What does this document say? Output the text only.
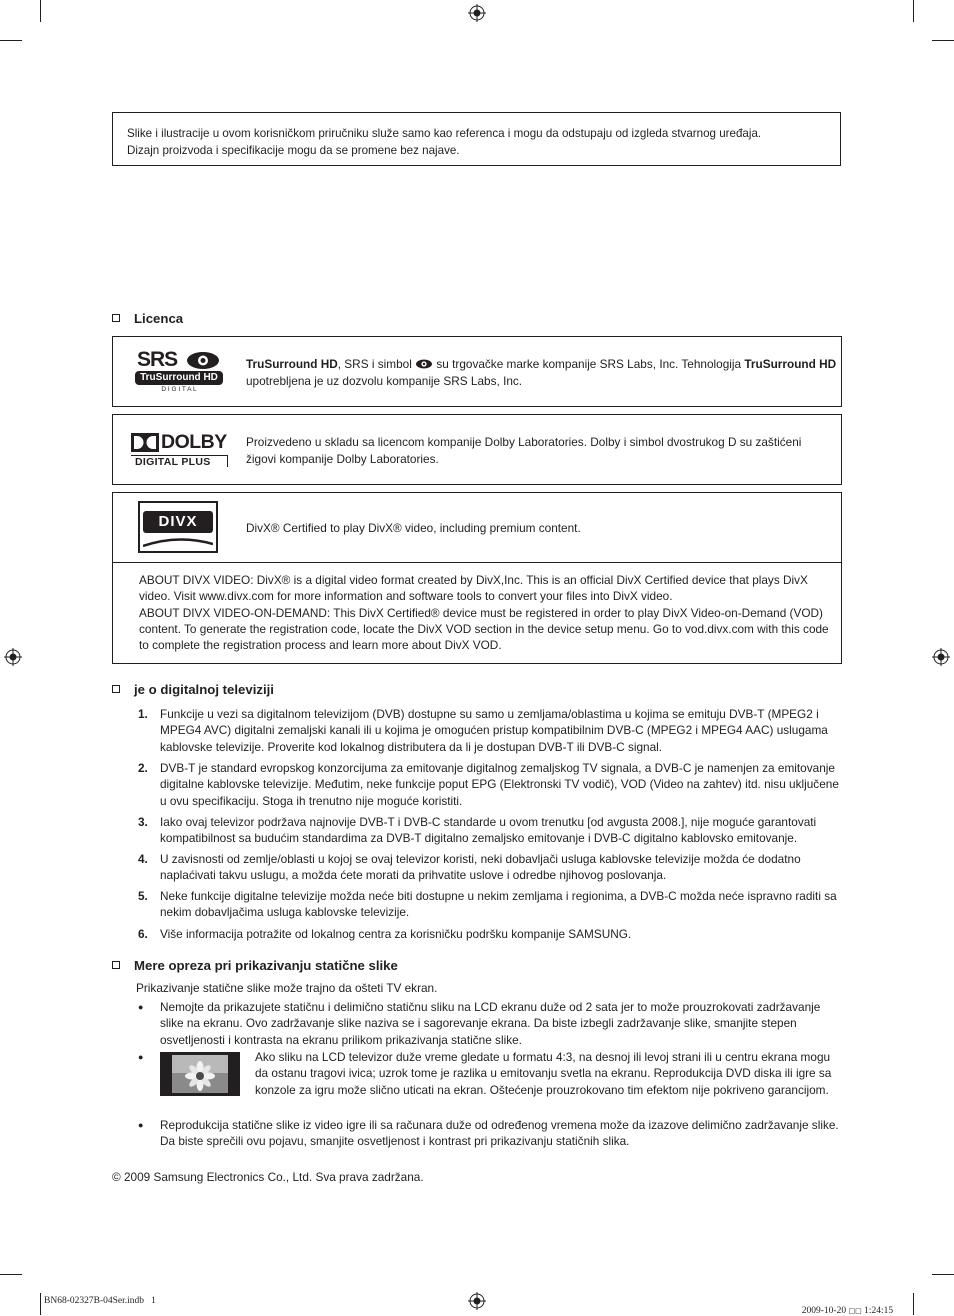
Slike i ilustracije u ovom korisničkom priručniku služe samo kao referenca i mogu da odstupaju od izgleda stvarnog uređaja.
Dizajn proizvoda i specifikacije mogu da se promene bez najave.
Licenca
SRS
TruSurround HD
D I G I T A L
TruSurround HD, SRS i simbol  su trgovačke marke kompanije SRS Labs, Inc. Tehnologija TruSurround HD upotrebljena je uz dozvolu kompanije SRS Labs, Inc.
DOLBY
DIGITAL PLUS
Proizvedeno u skladu sa licencom kompanije Dolby Laboratories. Dolby i simbol dvostrukog D su zaštićeni žigovi kompanije Dolby Laboratories.
DIVX	DivX® Certified to play DivX® video, including premium content.
ABOUT DIVX VIDEO: DivX® is a digital video format created by DivX,Inc. This is an official DivX Certified device that plays DivX video. Visit www.divx.com for more information and software tools to convert your files into DivX video.
ABOUT DIVX VIDEO-ON-DEMAND: This DivX Certified® device must be registered in order to play DivX Video-on-Demand (VOD) content. To generate the registration code, locate the DivX VOD section in the device setup menu. Go to vod.divx.com with this code to complete the registration process and learn more about DivX VOD.
je o digitalnoj televiziji
1.	Funkcije u vezi sa digitalnom televizijom (DVB) dostupne su samo u zemljama/oblastima u kojima se emituju DVB-T (MPEG2 i MPEG4 AVC) digitalni zemaljski kanali ili u kojima je omogućen pristup kompatibilnim DVB-C (MPEG2 i MPEG4 AAC) uslugama kablovske televizije. Proverite kod lokalnog distributera da li je dostupan DVB-T ili DVB-C signal.
2.	DVB-T je standard evropskog konzorcijuma za emitovanje digitalnog zemaljskog TV signala, a DVB-C je namenjen za emitovanje digitalne kablovske televizije. Međutim, neke funkcije poput EPG (Elektronski TV vodič), VOD (Video na zahtev) itd. nisu uključene u ovu specifikaciju. Stoga ih trenutno nije moguće koristiti.
3.	Iako ovaj televizor podržava najnovije DVB-T i DVB-C standarde u ovom trenutku [od avgusta 2008.], nije moguće garantovati kompatibilnost sa budućim standardima za DVB-T digitalno zemaljsko emitovanje i DVB-C digitalno kablovsko emitovanje.
4.	U zavisnosti od zemlje/oblasti u kojoj se ovaj televizor koristi, neki dobavljači usluga kablovske televizije možda će dodatno naplaćivati takvu uslugu, a možda ćete morati da prihvatite uslove i odredbe njihovog poslovanja.
5.	Neke funkcije digitalne televizije možda neće biti dostupne u nekim zemljama i regionima, a DVB-C možda neće ispravno raditi sa nekim dobavljačima usluga kablovske televizije.
6.	Više informacija potražite od lokalnog centra za korisničku podršku kompanije SAMSUNG.
Mere opreza pri prikazivanju statične slike
Prikazivanje statične slike može trajno da ošteti TV ekran.
●	Nemojte da prikazujete statičnu i delimično statičnu sliku na LCD ekranu duže od 2 sata jer to može prouzrokovati zadržavanje slike na ekranu. Ovo zadržavanje slike naziva se i sagorevanje ekrana. Da biste izbegli zadržavanje slike, smanjite stepen osvetljenosti i kontrasta na ekranu prilikom prikazivanja statične slike.
●	Ako sliku na LCD televizor duže vreme gledate u formatu 4:3, na desnoj ili levoj strani ili u centru ekrana mogu da ostanu tragovi ivica; uzrok tome je razlika u emitovanju svetla na ekranu. Reprodukcija DVD diska ili igre sa konzole za igru može slično uticati na ekran. Oštećenje prouzrokovano tim efektom nije pokriveno garancijom.
●	Reprodukcija statične slike iz video igre ili sa računara duže od određenog vremena može da izazove delimično zadržavanje slike. Da biste sprečili ovu pojavu, smanjite osvetljenost i kontrast pri prikazivanju statičnih slika.
© 2009 Samsung Electronics Co., Ltd. Sva prava zadržana.
BN68-02327B-04Ser.indb   1

2009-10-20 □□ 1:24:15
